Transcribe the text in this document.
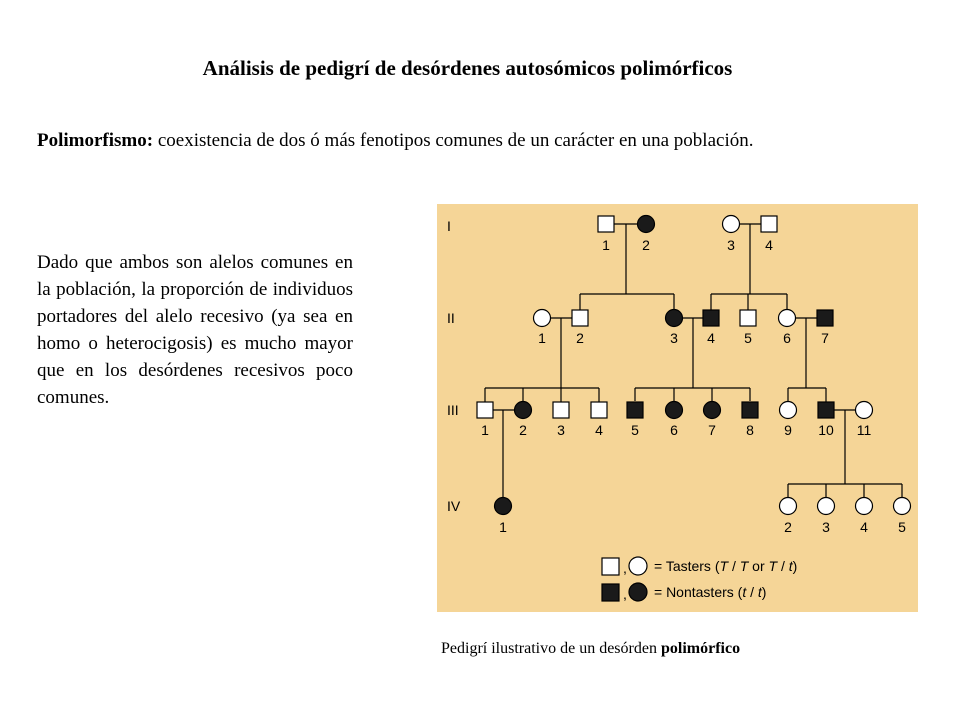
Análisis de pedigrí de desórdenes autosómicos polimórficos
Polimorfismo: coexistencia de dos ó más fenotipos comunes de un carácter en una población.
Dado que ambos son alelos comunes en la población, la proporción de individuos portadores del alelo recesivo (ya sea en homo o heterocigosis) es mucho mayor que en los desórdenes recesivos poco comunes.
I
1 2	3 4
II
1 2	3 4 5 6 7
III
1 2 3 4 5 6 7 8 9 10 11
IV
1	2 3 4 5
,
,
= Tasters (T / T or T / t)
= Nontasters (t / t)
Pedigrí ilustrativo de un desórden polimórfico
